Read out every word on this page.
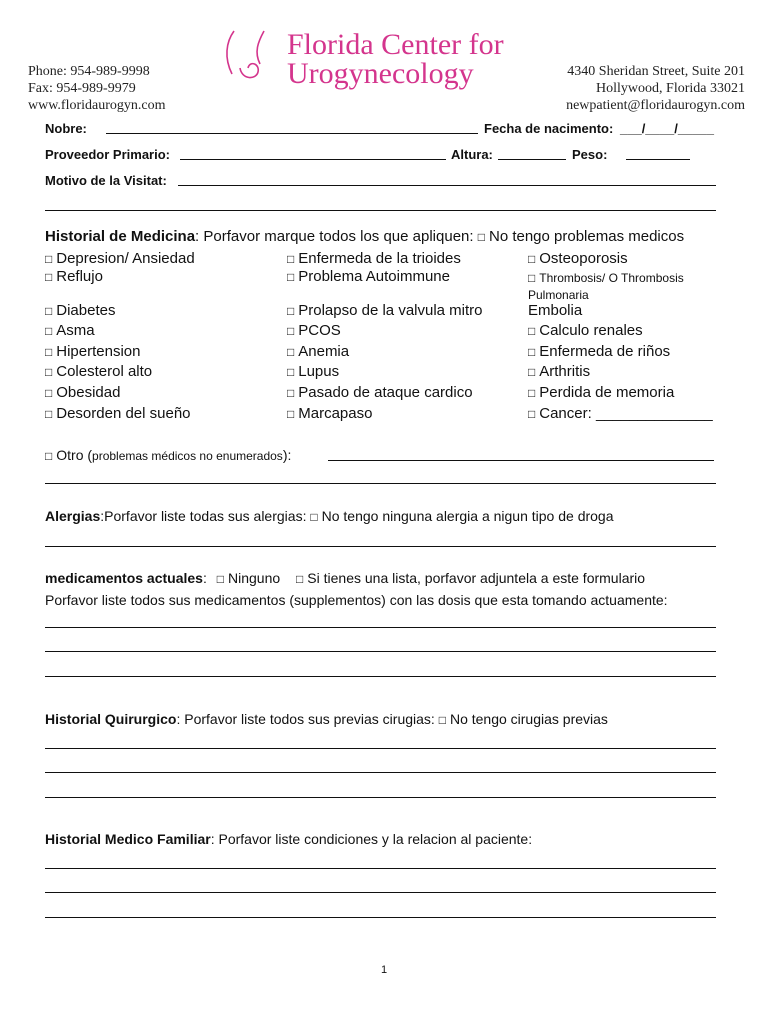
Phone: 954-989-9998
Fax: 954-989-9979
www.floridaurogyn.com
Florida Center for
Urogynecology	4340 Sheridan Street, Suite 201
Hollywood, Florida 33021
newpatient@floridaurogyn.com
Nobre:	Fecha de nacimento: ___/____/_____
Proveedor Primario:	Altura:	Peso:
Motivo de la Visitat:
Historial de Medicina: Porfavor marque todos los que apliquen: □ No tengo problemas medicos
□ Depresion/ Ansiedad
□ Reflujo
□ Diabetes
□ Asma
□ Hipertension
□ Colesterol alto
□ Obesidad
□ Desorden del sueño
□ Enfermeda de la trioides
□ Problema Autoimmune
□ Prolapso de la valvula mitro
□ PCOS
□ Anemia
□ Lupus
□ Pasado de ataque cardico
□ Marcapaso
□ Osteoporosis
□ Thrombosis/ O Thrombosis
Pulmonaria
Embolia
□ Calculo renales
□ Enfermeda de riños
□ Arthritis
□ Perdida de memoria
□ Cancer: ______________
□ Otro (problemas médicos no enumerados):
Alergias:Porfavor liste todas sus alergias: □ No tengo ninguna alergia a nigun tipo de droga
medicamentos actuales: □ Ninguno □ Si tienes una lista, porfavor adjuntela a este formulario
Porfavor liste todos sus medicamentos (supplementos) con las dosis que esta tomando actuamente:
Historial Quirurgico: Porfavor liste todos sus previas cirugias: □ No tengo cirugias previas
Historial Medico Familiar: Porfavor liste condiciones y la relacion al paciente:
1
